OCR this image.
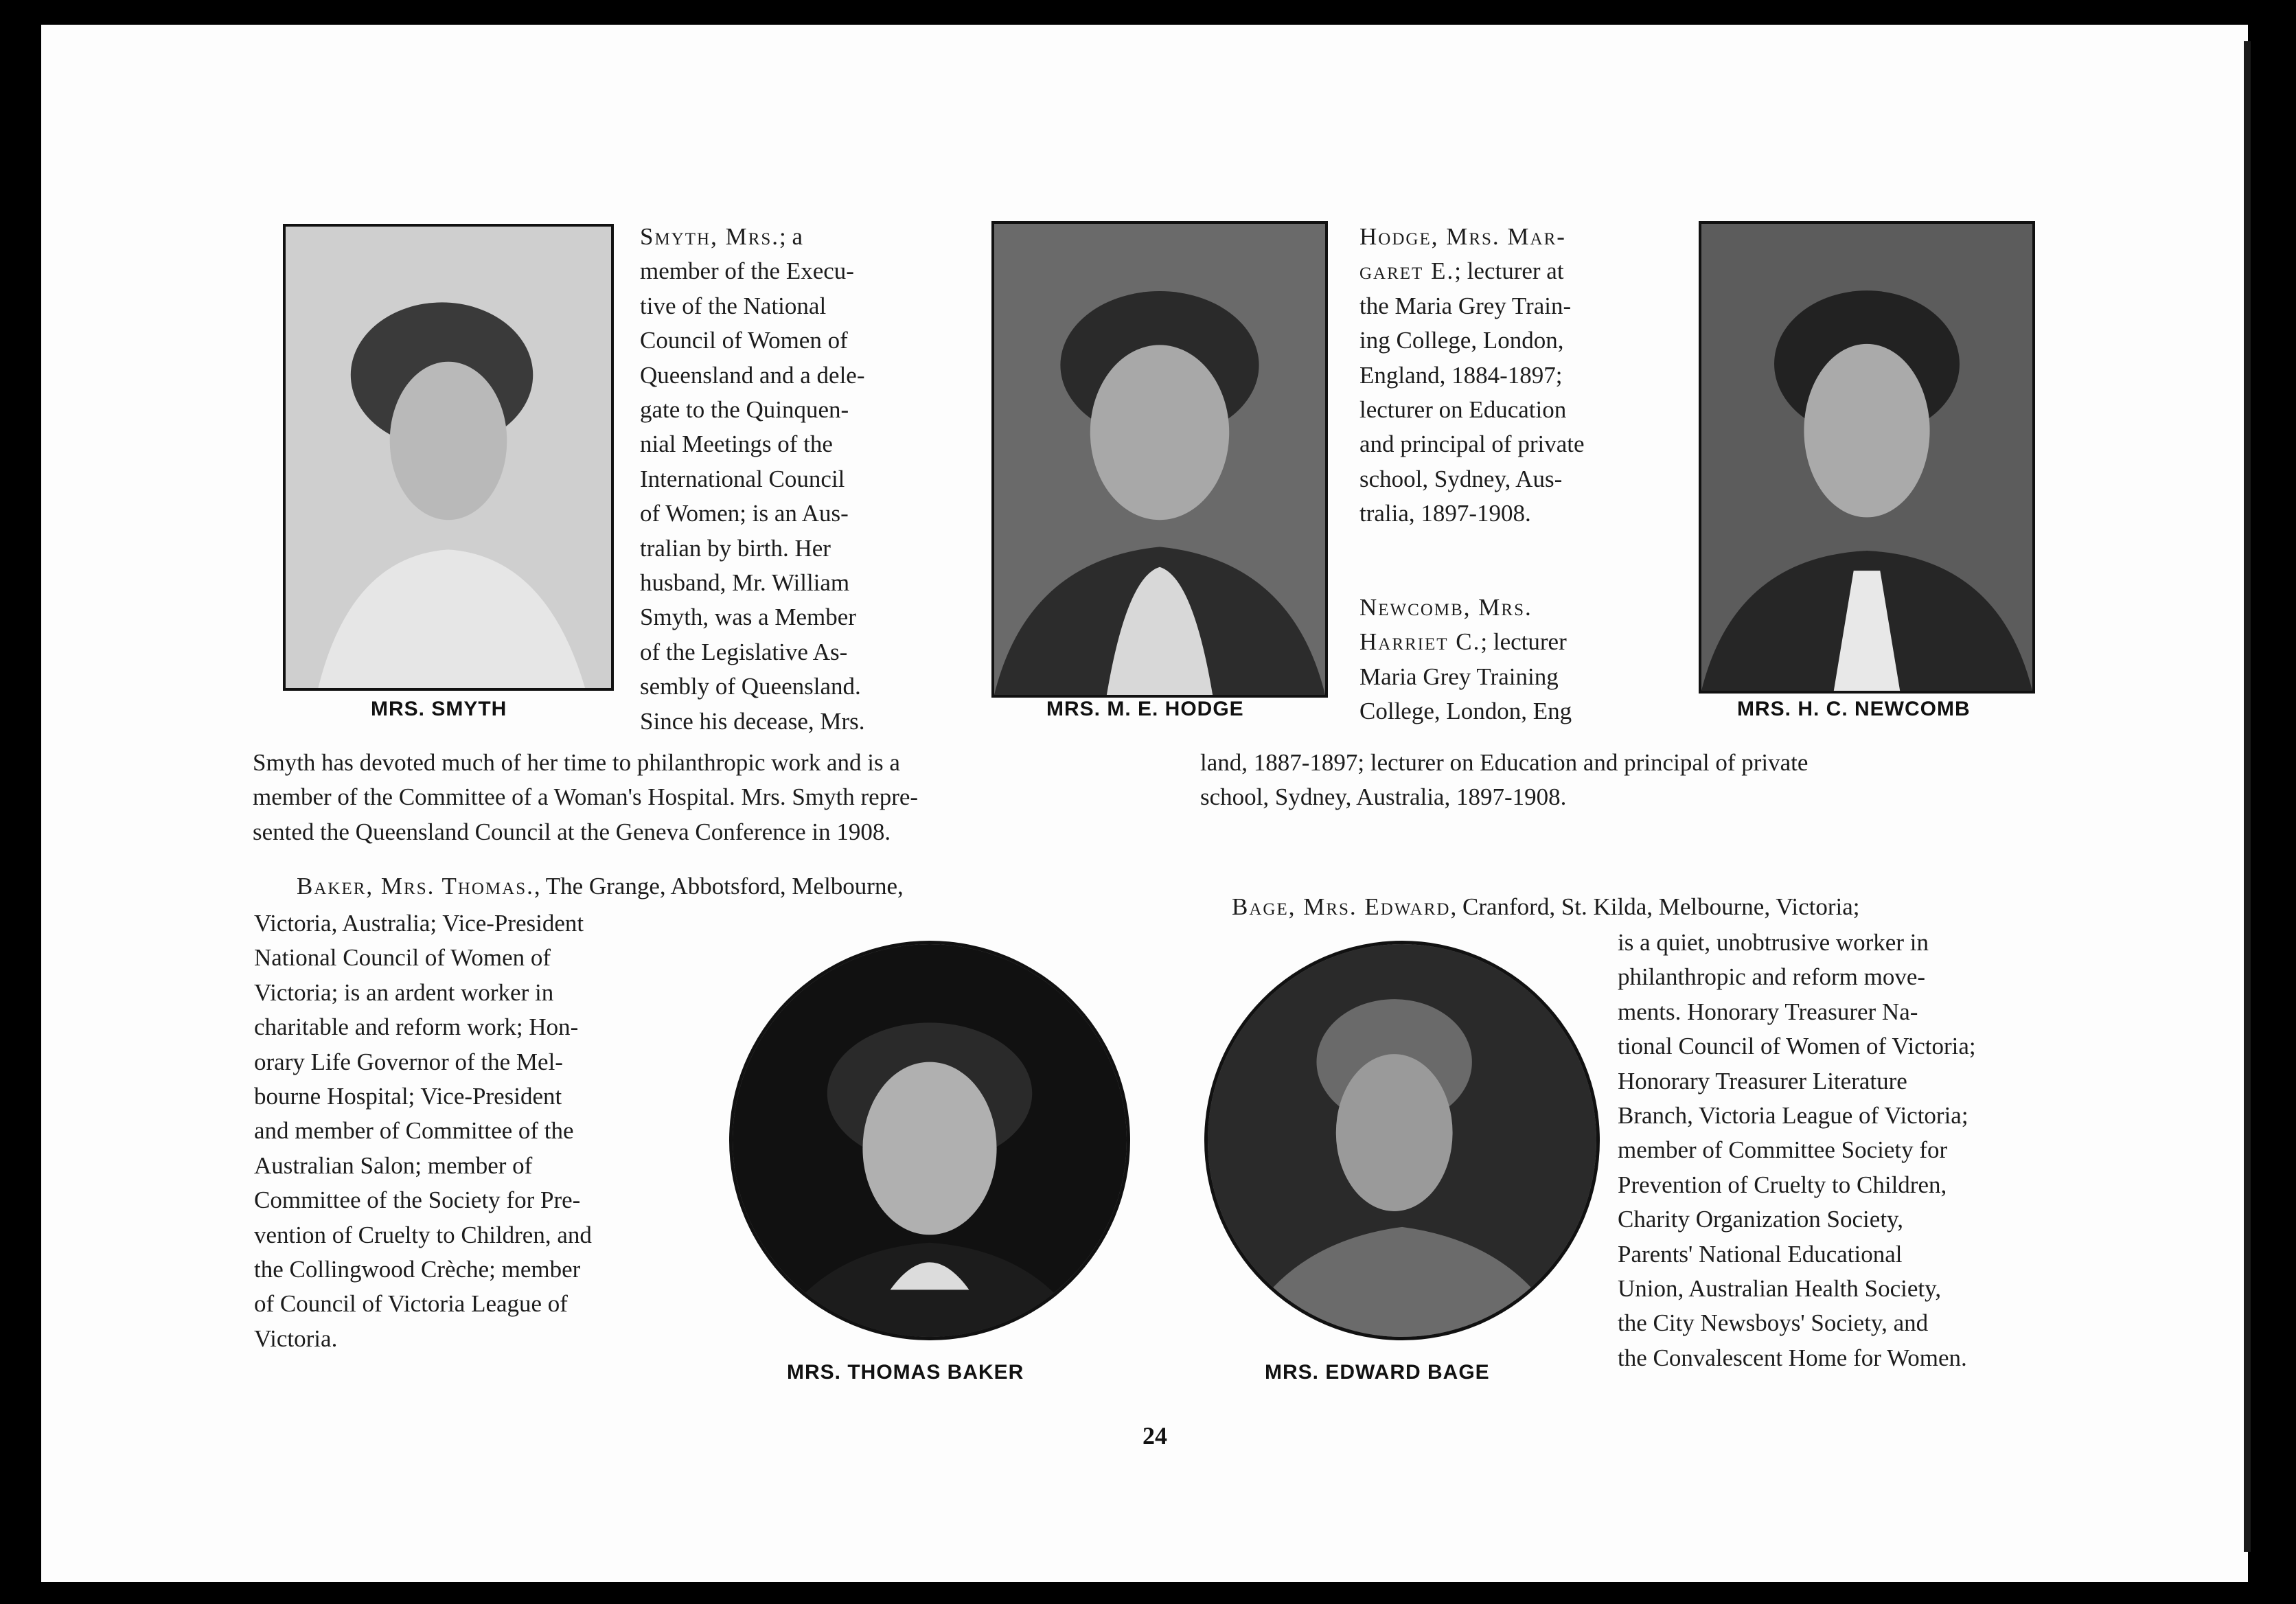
MRS. SMYTH
Smyth, Mrs.; a
member of the Execu-
tive of the National
Council of Women of
Queensland and a dele-
gate to the Quinquen-
nial Meetings of the
International Council
of Women; is an Aus-
tralian by birth. Her
husband, Mr. William
Smyth, was a Member
of the Legislative As-
sembly of Queensland.
Since his decease, Mrs.	MRS. M. E. HODGE
Hodge, Mrs. Mar-
garet E.; lecturer at
the Maria Grey Train-
ing College, London,
England, 1884-1897;
lecturer on Education
and principal of private
school, Sydney, Aus-
tralia, 1897-1908.
Newcomb, Mrs.
Harriet C.; lecturer
Maria Grey Training
College, London, Eng	MRS. H. C. NEWCOMB
Smyth has devoted much of her time to philanthropic work and is a
member of the Committee of a Woman's Hospital. Mrs. Smyth repre-
sented the Queensland Council at the Geneva Conference in 1908.
land, 1887-1897; lecturer on Education and principal of private
school, Sydney, Australia, 1897-1908.
Baker, Mrs. Thomas., The Grange, Abbotsford, Melbourne,
Victoria, Australia; Vice-President
National Council of Women of
Victoria; is an ardent worker in
charitable and reform work; Hon-
orary Life Governor of the Mel-
bourne Hospital; Vice-President
and member of Committee of the
Australian Salon; member of
Committee of the Society for Pre-
vention of Cruelty to Children, and
the Collingwood Crèche; member
of Council of Victoria League of
Victoria.
MRS. THOMAS BAKER	MRS. EDWARD BAGE
Bage, Mrs. Edward, Cranford, St. Kilda, Melbourne, Victoria;
is a quiet, unobtrusive worker in
philanthropic and reform move-
ments. Honorary Treasurer Na-
tional Council of Women of Victoria;
Honorary Treasurer Literature
Branch, Victoria League of Victoria;
member of Committee Society for
Prevention of Cruelty to Children,
Charity Organization Society,
Parents' National Educational
Union, Australian Health Society,
the City Newsboys' Society, and
the Convalescent Home for Women.
24
